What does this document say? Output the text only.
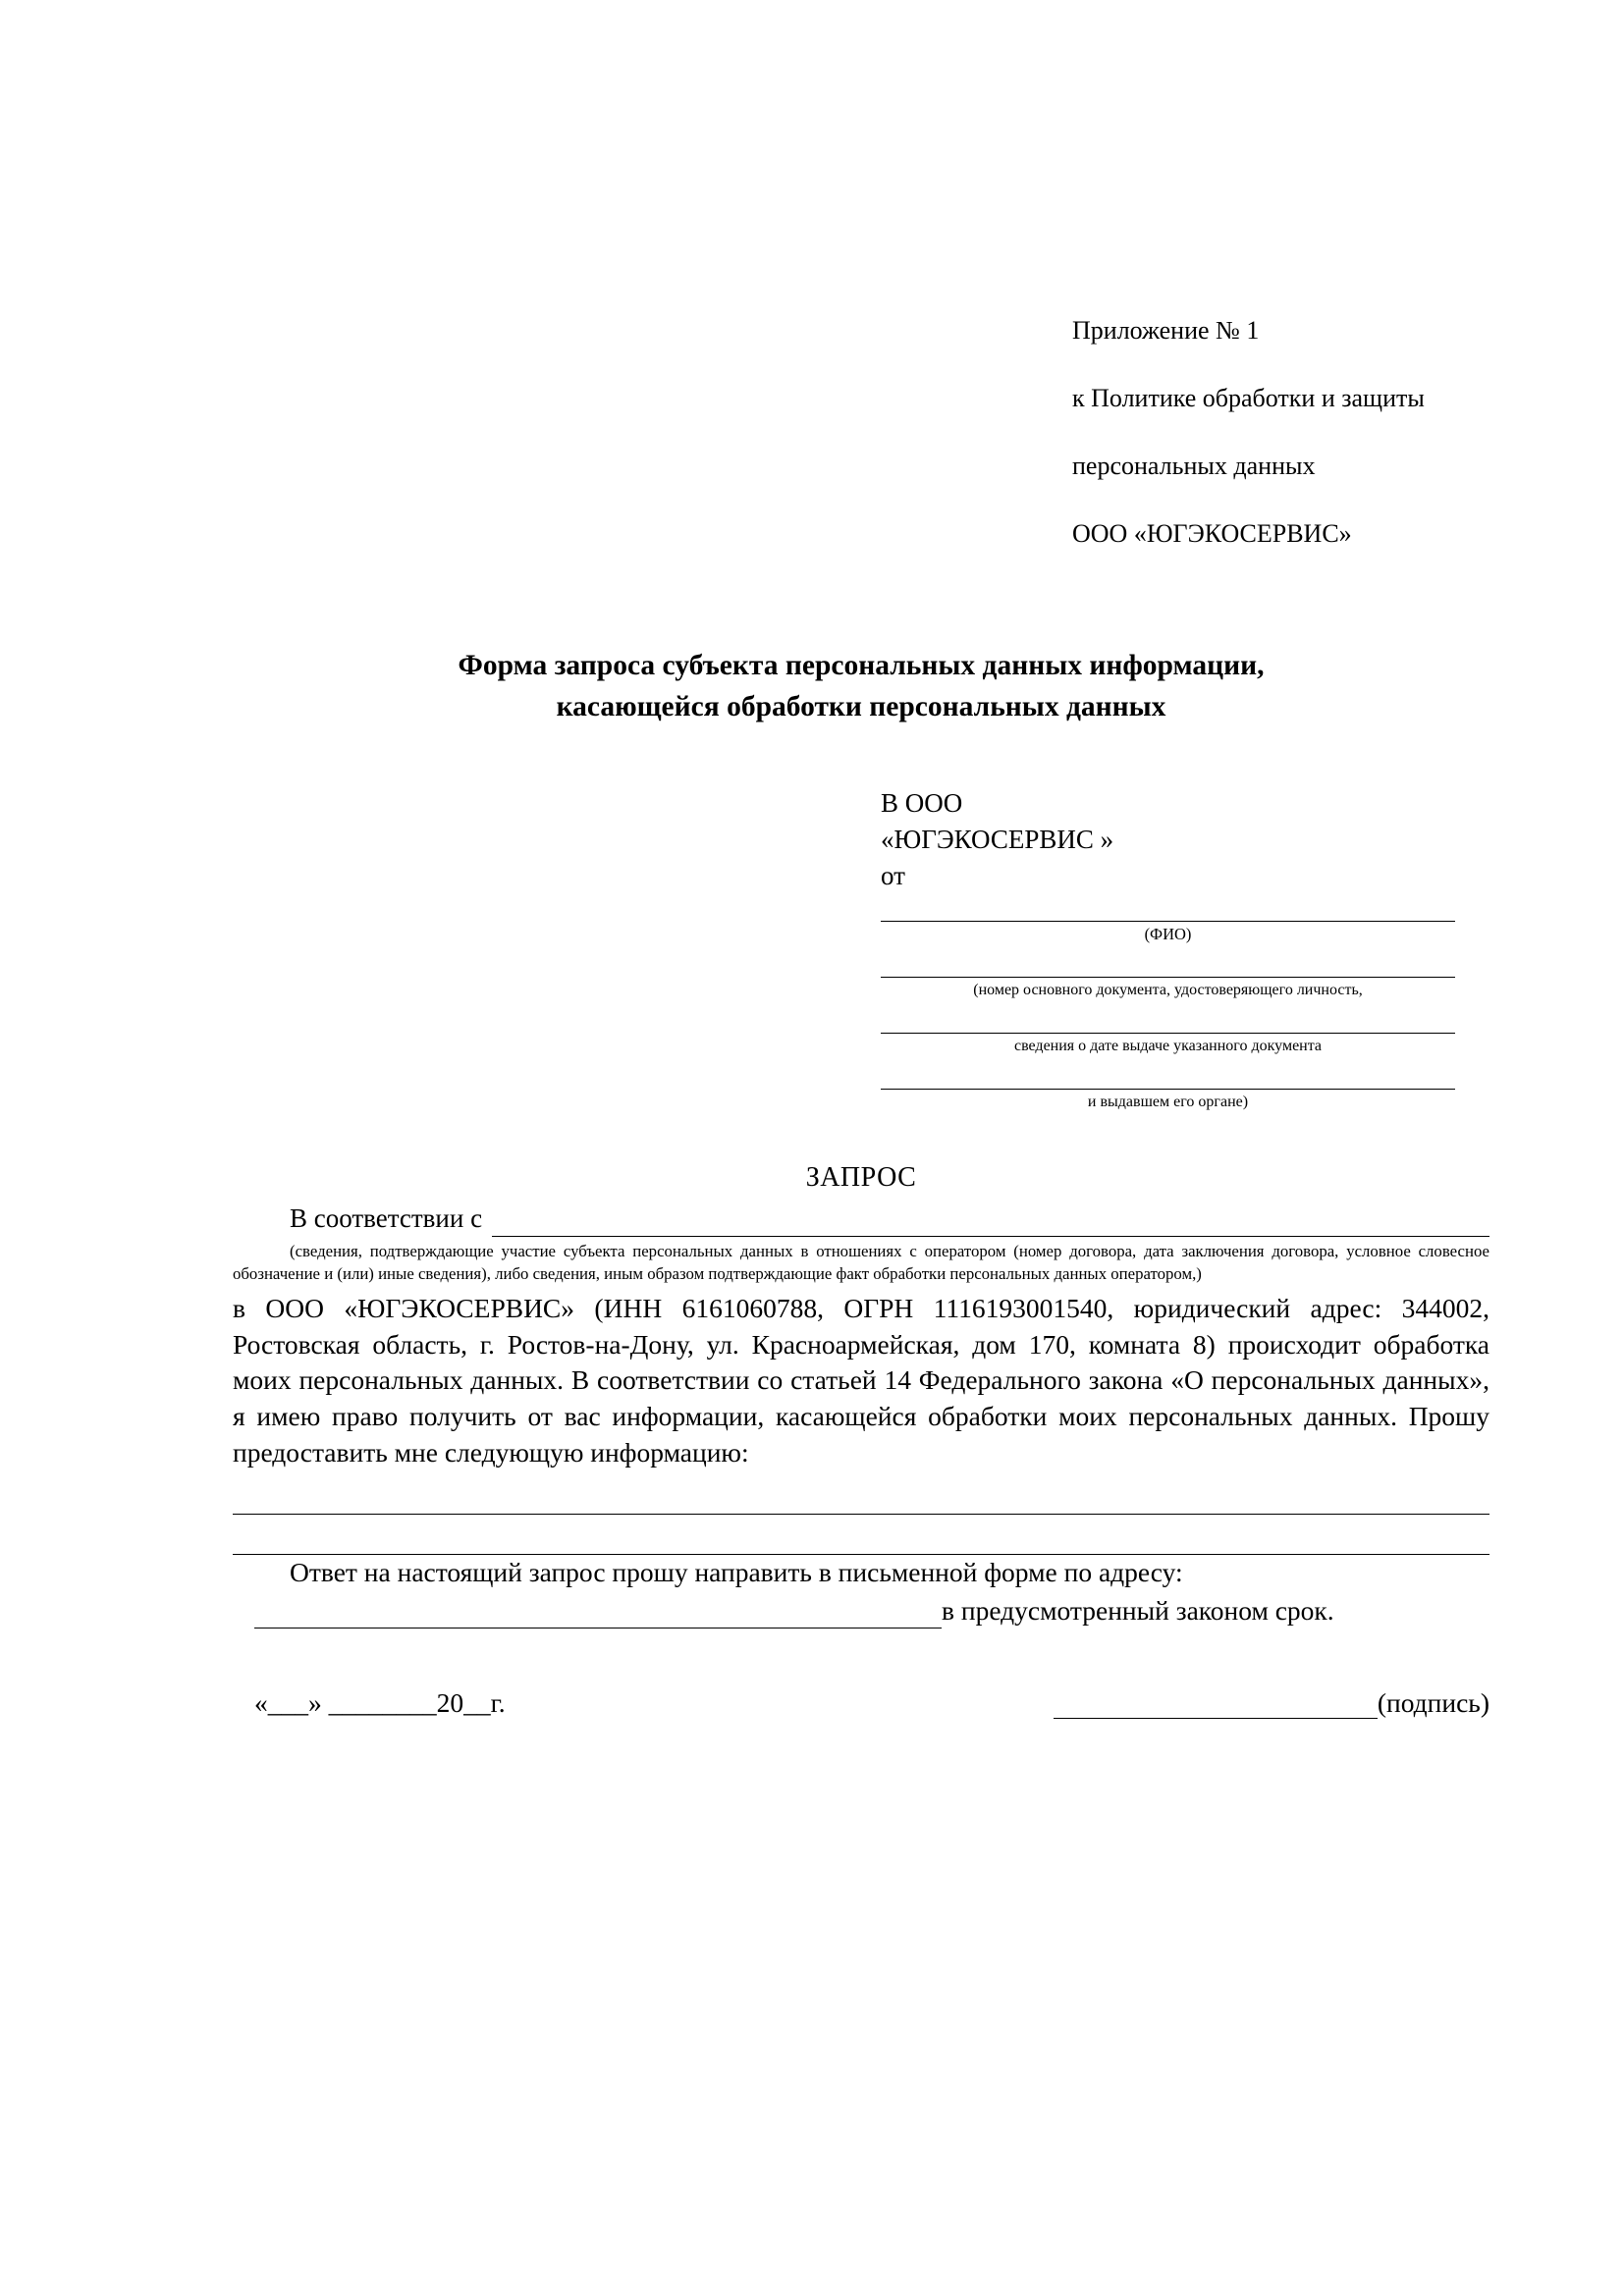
Приложение № 1

к Политике обработки и защиты

персональных данных

ООО «ЮГЭКОСЕРВИС»

Форма запроса субъекта персональных данных информации,
касающейся обработки персональных данных
В ООО
«ЮГЭКОСЕРВИС »
от
(ФИО)
(номер основного документа, удостоверяющего личность,
сведения о дате выдаче указанного документа
и выдавшем его органе)
ЗАПРОС
В соответствии с
(сведения, подтверждающие участие субъекта персональных данных в отношениях с оператором (номер договора, дата заключения договора, условное словесное обозначение и (или) иные сведения), либо сведения, иным образом подтверждающие факт обработки персональных данных оператором,)
в ООО «ЮГЭКОСЕРВИС» (ИНН 6161060788, ОГРН 1116193001540, юридический адрес: 344002, Ростовская область, г. Ростов-на-Дону, ул. Красноармейская, дом 170, комната 8) происходит обработка моих персональных данных. В соответствии со статьей 14 Федерального закона «О персональных данных», я имею право получить от вас информации, касающейся обработки моих персональных данных. Прошу предоставить мне следующую информацию:
Ответ на настоящий запрос прошу направить в письменной форме по адресу:
в предусмотренный законом срок.
«___» ________20__г.	(подпись)
